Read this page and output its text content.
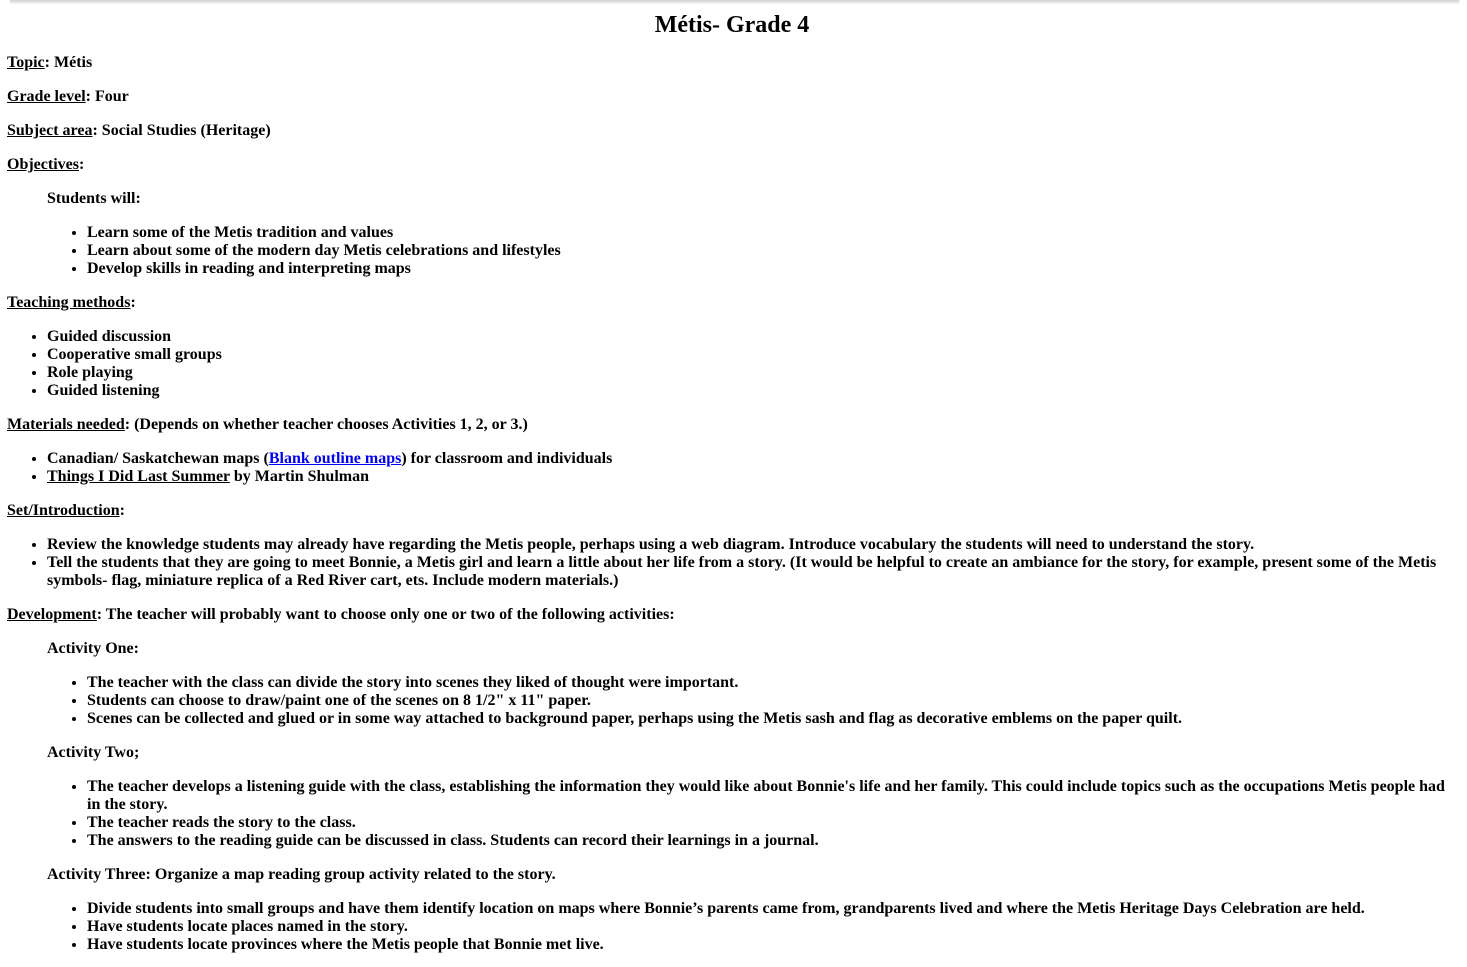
Métis- Grade 4

Topic: Métis

Grade level: Four

Subject area: Social Studies (Heritage)

Objectives:

Students will:

• Learn some of the Metis tradition and values
• Learn about some of the modern day Metis celebrations and lifestyles
• Develop skills in reading and interpreting maps

Teaching methods:

• Guided discussion
• Cooperative small groups
• Role playing
• Guided listening

Materials needed: (Depends on whether teacher chooses Activities 1, 2, or 3.)

• Canadian/ Saskatchewan maps (Blank outline maps) for classroom and individuals
• Things I Did Last Summer by Martin Shulman

Set/Introduction:

• Review the knowledge students may already have regarding the Metis people, perhaps using a web diagram. Introduce vocabulary the students will need to understand the story.
• Tell the students that they are going to meet Bonnie, a Metis girl and learn a little about her life from a story. (It would be helpful to create an ambiance for the story, for example, present some of the Metis symbols- flag, miniature replica of a Red River cart, ets. Include modern materials.)

Development: The teacher will probably want to choose only one or two of the following activities:

Activity One:

• The teacher with the class can divide the story into scenes they liked of thought were important.
• Students can choose to draw/paint one of the scenes on 8 1/2" x 11" paper.
• Scenes can be collected and glued or in some way attached to background paper, perhaps using the Metis sash and flag as decorative emblems on the paper quilt.

Activity Two;

• The teacher develops a listening guide with the class, establishing the information they would like about Bonnie's life and her family. This could include topics such as the occupations Metis people had in the story.
• The teacher reads the story to the class.
• The answers to the reading guide can be discussed in class. Students can record their learnings in a journal.

Activity Three: Organize a map reading group activity related to the story.

• Divide students into small groups and have them identify location on maps where Bonnie’s parents came from, grandparents lived and where the Metis Heritage Days Celebration are held.
• Have students locate places named in the story.
• Have students locate provinces where the Metis people that Bonnie met live.
